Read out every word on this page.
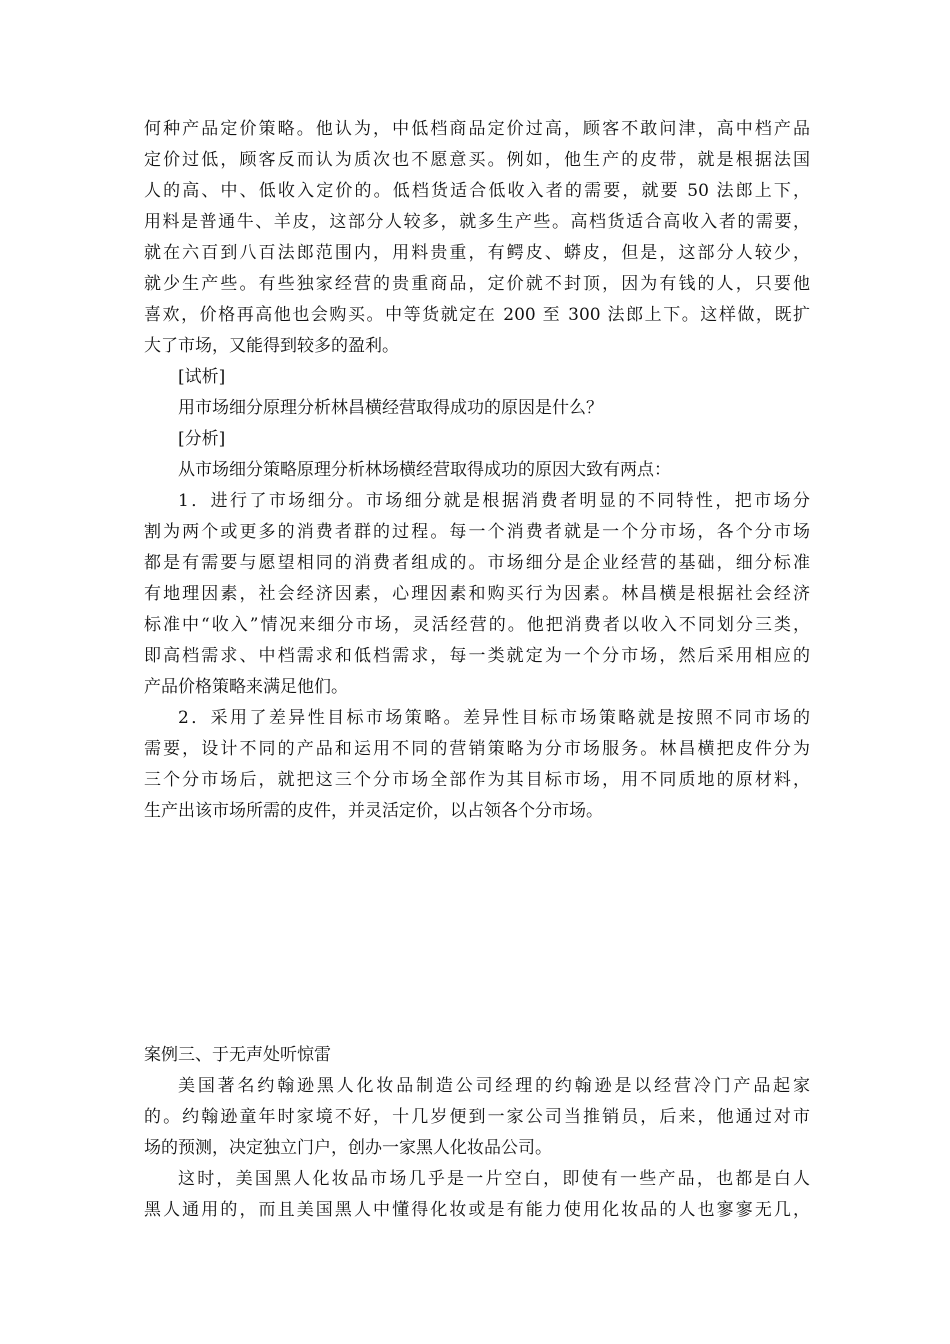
何种产品定价策略。他认为，中低档商品定价过高，顾客不敢问津，高中档产品
定价过低，顾客反而认为质次也不愿意买。例如，他生产的皮带，就是根据法国
人的高、中、低收入定价的。低档货适合低收入者的需要，就要 50 法郎上下，
用料是普通牛、羊皮，这部分人较多，就多生产些。高档货适合高收入者的需要，
就在六百到八百法郎范围内，用料贵重，有鳄皮、蟒皮，但是，这部分人较少，
就少生产些。有些独家经营的贵重商品，定价就不封顶，因为有钱的人，只要他
喜欢，价格再高他也会购买。中等货就定在 200 至 300 法郎上下。这样做，既扩
大了市场，又能得到较多的盈利。
[试析]
用市场细分原理分析林昌横经营取得成功的原因是什么？
[分析]
从市场细分策略原理分析林场横经营取得成功的原因大致有两点：
1．进行了市场细分。市场细分就是根据消费者明显的不同特性，把市场分
割为两个或更多的消费者群的过程。每一个消费者就是一个分市场，各个分市场
都是有需要与愿望相同的消费者组成的。市场细分是企业经营的基础，细分标准
有地理因素，社会经济因素，心理因素和购买行为因素。林昌横是根据社会经济
标准中“收入”情况来细分市场，灵活经营的。他把消费者以收入不同划分三类，
即高档需求、中档需求和低档需求，每一类就定为一个分市场，然后采用相应的
产品价格策略来满足他们。
2．采用了差异性目标市场策略。差异性目标市场策略就是按照不同市场的
需要，设计不同的产品和运用不同的营销策略为分市场服务。林昌横把皮件分为
三个分市场后，就把这三个分市场全部作为其目标市场，用不同质地的原材料，
生产出该市场所需的皮件，并灵活定价，以占领各个分市场。
案例三、于无声处听惊雷
美国著名约翰逊黑人化妆品制造公司经理的约翰逊是以经营冷门产品起家
的。约翰逊童年时家境不好，十几岁便到一家公司当推销员，后来，他通过对市
场的预测，决定独立门户，创办一家黑人化妆品公司。
这时，美国黑人化妆品市场几乎是一片空白，即使有一些产品，也都是白人
黑人通用的，而且美国黑人中懂得化妆或是有能力使用化妆品的人也寥寥无几，
